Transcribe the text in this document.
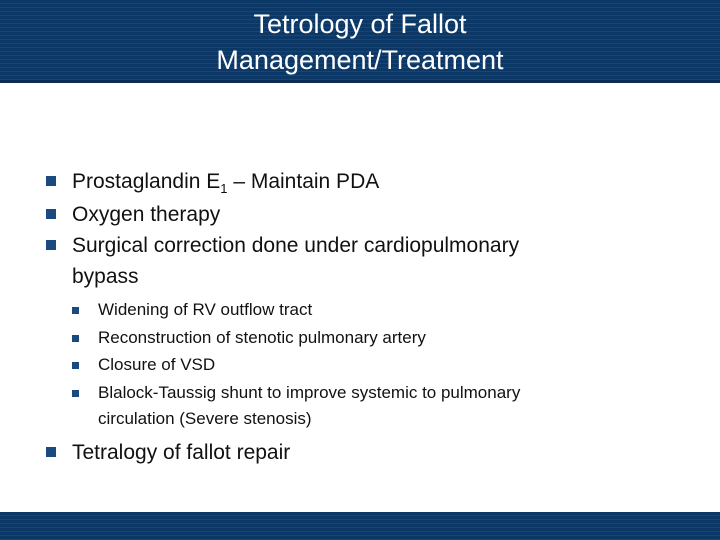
Tetrology of Fallot
Management/Treatment
Prostaglandin $E_1$ – Maintain PDA
Oxygen therapy
Surgical correction done under cardiopulmonary
bypass
Widening of RV outflow tract
Reconstruction of stenotic pulmonary artery
Closure of VSD
Blalock-Taussig shunt to improve systemic to pulmonary
circulation (Severe stenosis)
Tetralogy of fallot repair
